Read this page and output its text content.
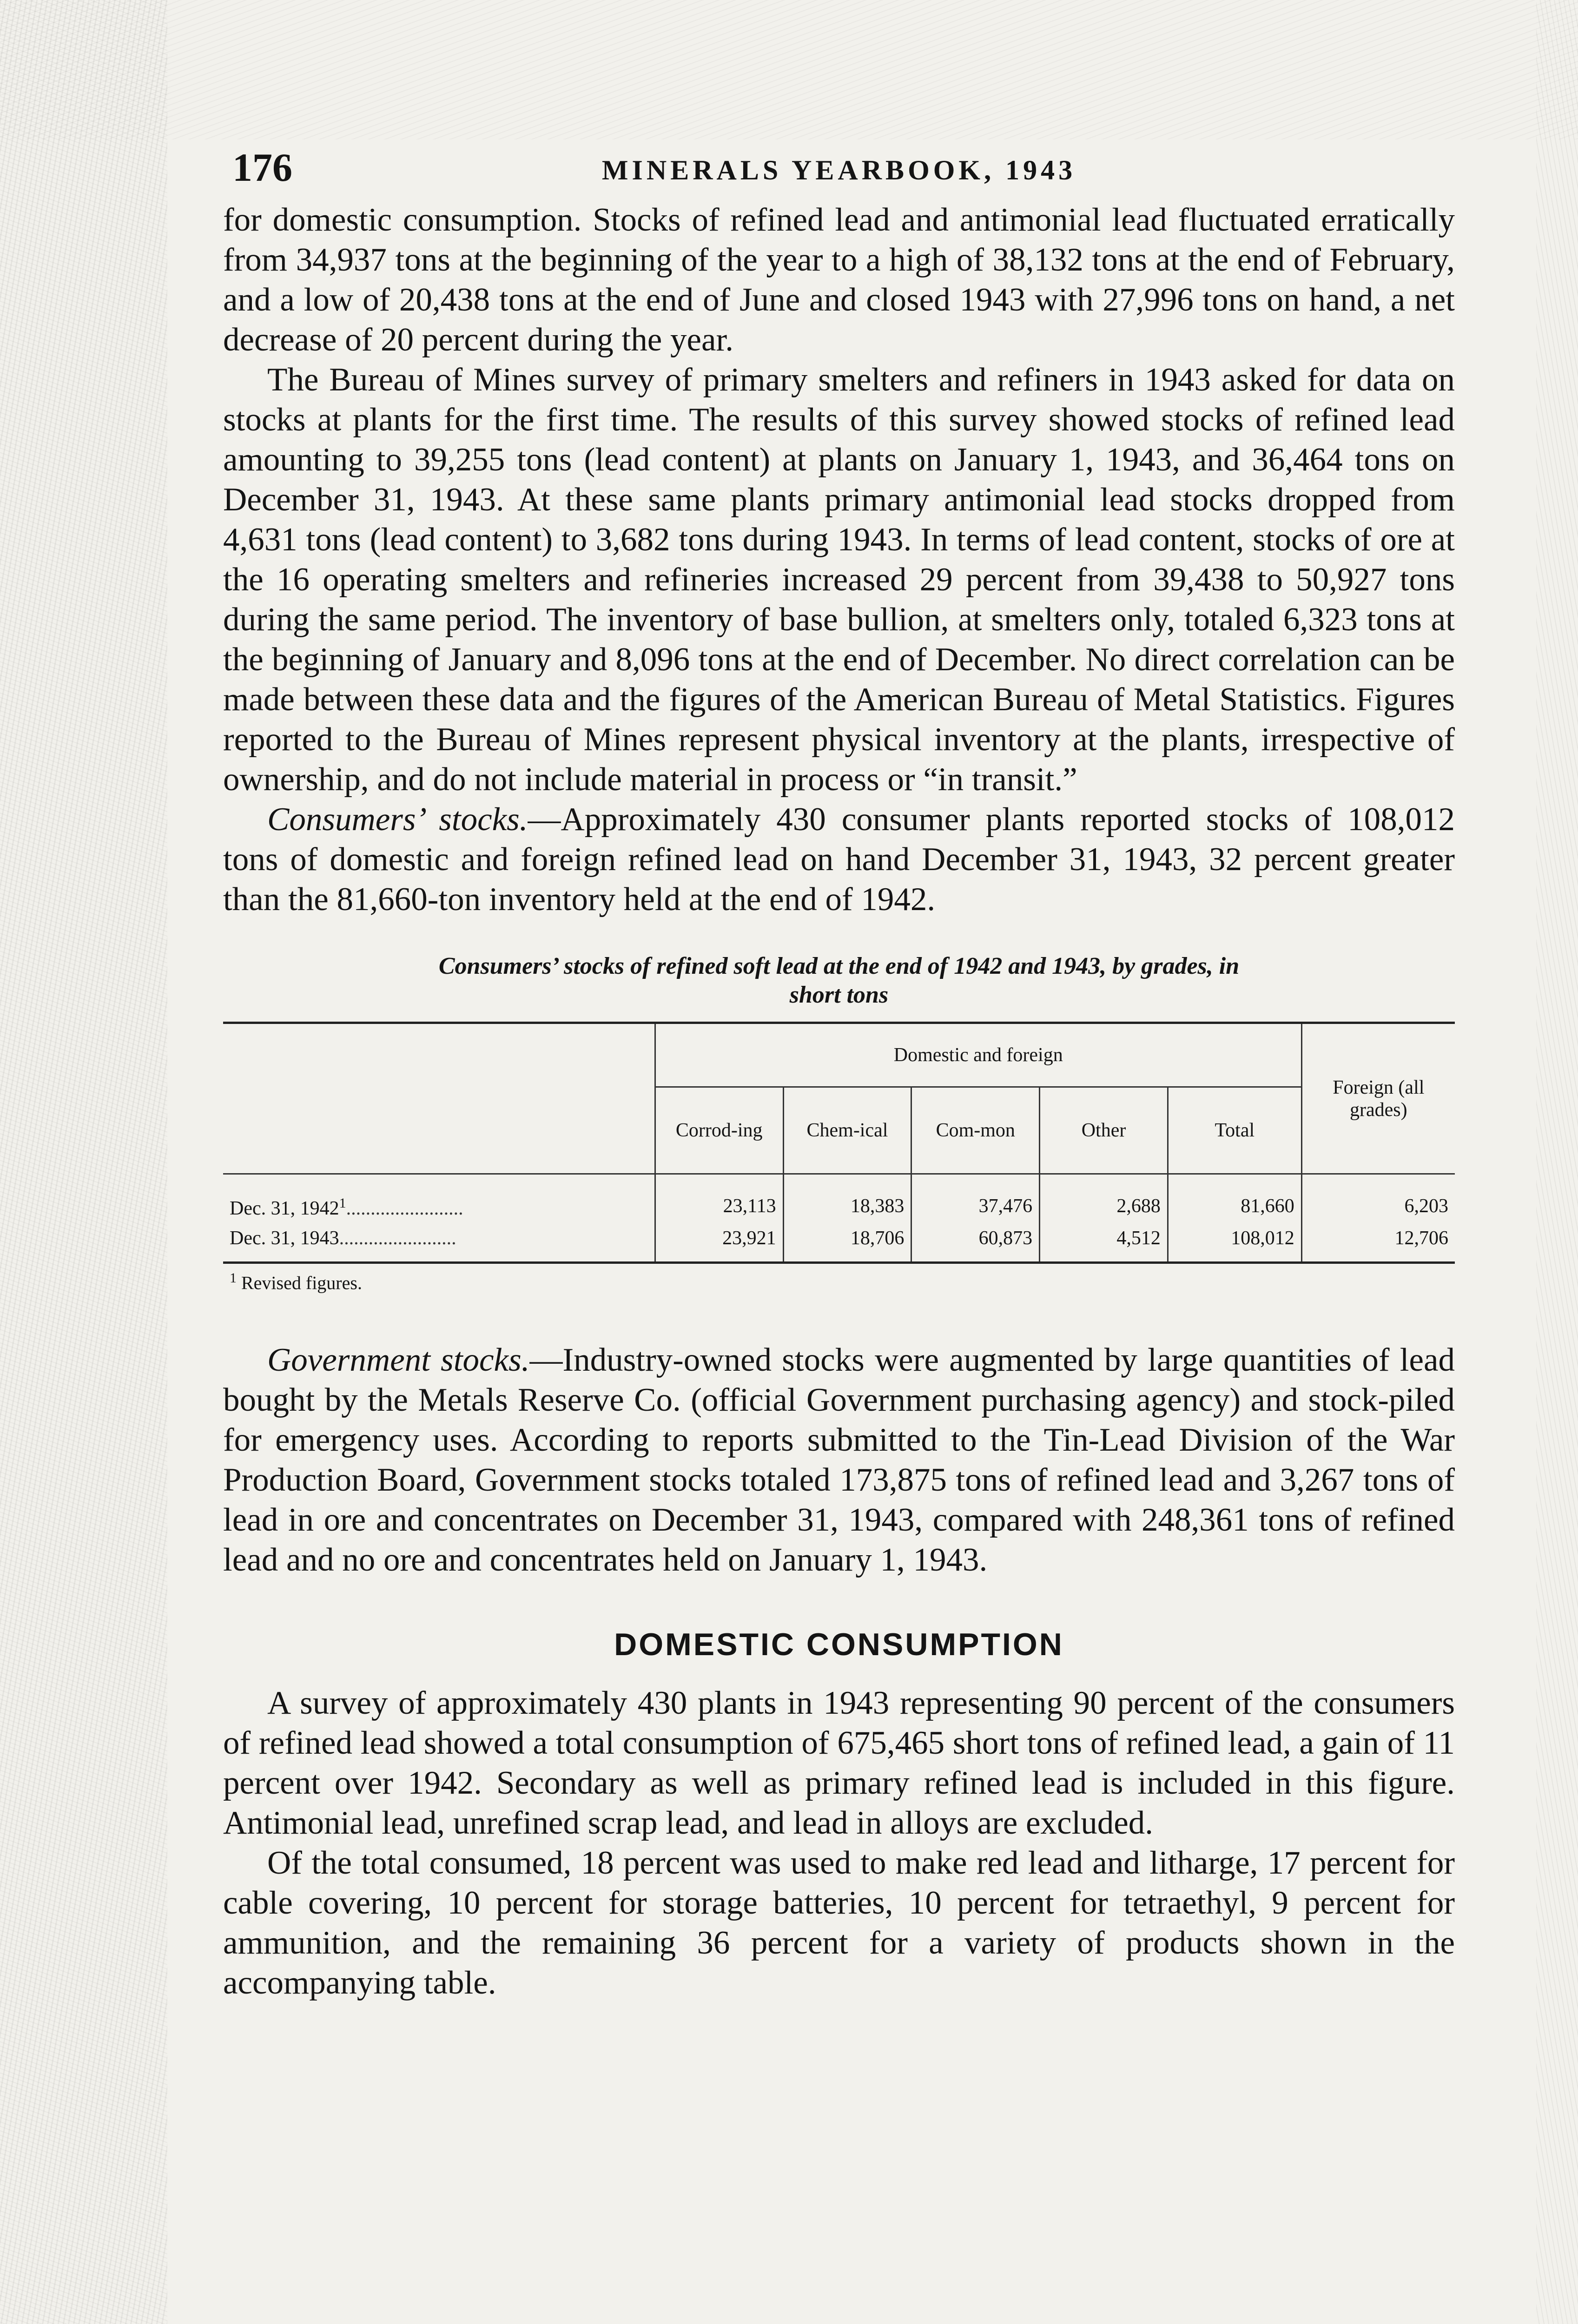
176	MINERALS YEARBOOK, 1943

for domestic consumption. Stocks of refined lead and antimonial lead fluctuated erratically from 34,937 tons at the beginning of the year to a high of 38,132 tons at the end of February, and a low of 20,438 tons at the end of June and closed 1943 with 27,996 tons on hand, a net decrease of 20 percent during the year.

The Bureau of Mines survey of primary smelters and refiners in 1943 asked for data on stocks at plants for the first time. The results of this survey showed stocks of refined lead amounting to 39,255 tons (lead content) at plants on January 1, 1943, and 36,464 tons on December 31, 1943. At these same plants primary antimonial lead stocks dropped from 4,631 tons (lead content) to 3,682 tons during 1943. In terms of lead content, stocks of ore at the 16 operating smelters and refineries increased 29 percent from 39,438 to 50,927 tons during the same period. The inventory of base bullion, at smelters only, totaled 6,323 tons at the beginning of January and 8,096 tons at the end of December. No direct correlation can be made between these data and the figures of the American Bureau of Metal Statistics. Figures reported to the Bureau of Mines represent physical inventory at the plants, irrespective of ownership, and do not include material in process or “in transit.”

Consumers’ stocks.—Approximately 430 consumer plants reported stocks of 108,012 tons of domestic and foreign refined lead on hand December 31, 1943, 32 percent greater than the 81,660-ton inventory held at the end of 1942.

Consumers’ stocks of refined soft lead at the end of 1942 and 1943, by grades, in
short tons
	Domestic and foreign					Foreign (all grades)
	Corrod-ing	Chem-ical	Com-mon	Other	Total	
Dec. 31, 1942$^1$........................	23,113	18,383	37,476	2,688	81,660	6,203
Dec. 31, 1943........................	23,921	18,706	60,873	4,512	108,012	12,706
$^1$ Revised figures.

Government stocks.—Industry-owned stocks were augmented by large quantities of lead bought by the Metals Reserve Co. (official Government purchasing agency) and stock-piled for emergency uses. According to reports submitted to the Tin-Lead Division of the War Production Board, Government stocks totaled 173,875 tons of refined lead and 3,267 tons of lead in ore and concentrates on December 31, 1943, compared with 248,361 tons of refined lead and no ore and concentrates held on January 1, 1943.

DOMESTIC CONSUMPTION

A survey of approximately 430 plants in 1943 representing 90 percent of the consumers of refined lead showed a total consumption of 675,465 short tons of refined lead, a gain of 11 percent over 1942. Secondary as well as primary refined lead is included in this figure. Antimonial lead, unrefined scrap lead, and lead in alloys are excluded.

Of the total consumed, 18 percent was used to make red lead and litharge, 17 percent for cable covering, 10 percent for storage batteries, 10 percent for tetraethyl, 9 percent for ammunition, and the remaining 36 percent for a variety of products shown in the accompanying table.
